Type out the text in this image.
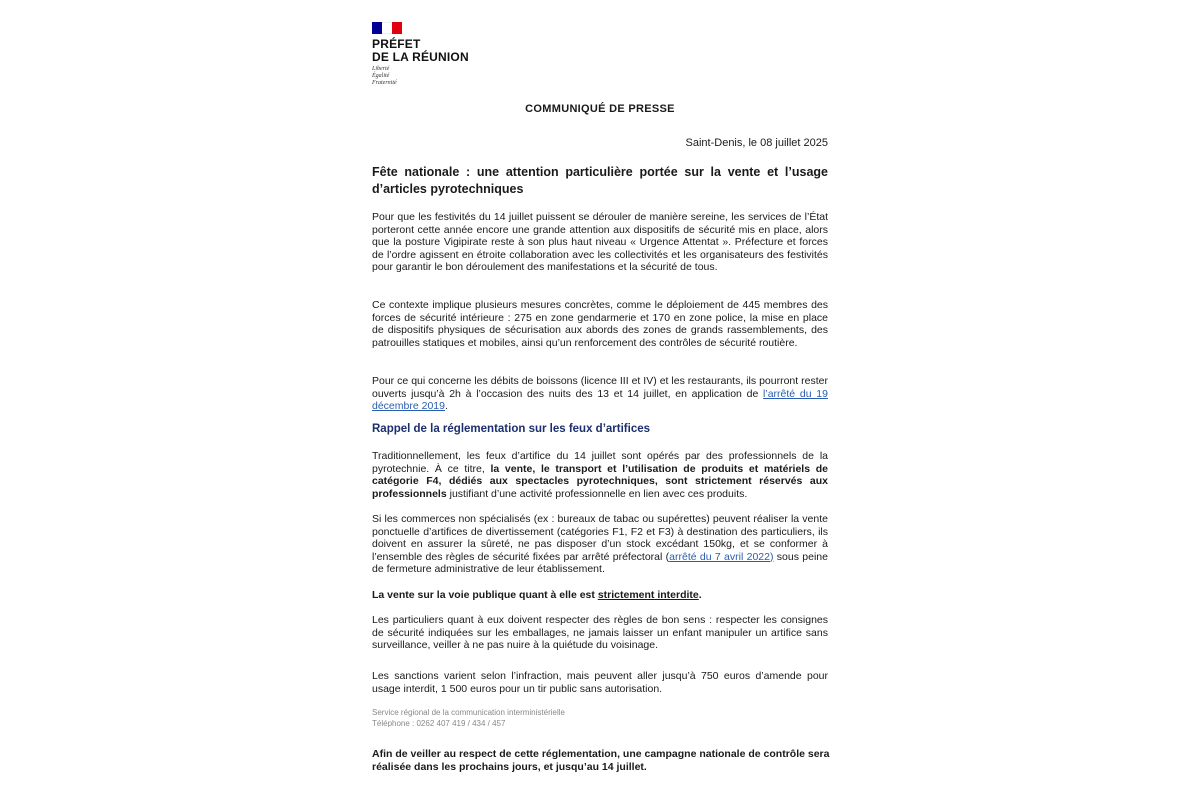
PRÉFET
DE LA RÉUNION
Liberté
Égalité
Fraternité
COMMUNIQUÉ DE PRESSE
Saint-Denis, le 08 juillet 2025
Fête nationale : une attention particulière portée sur la vente et l’usage d’articles pyrotechniques
Pour que les festivités du 14 juillet puissent se dérouler de manière sereine, les services de l’État porteront cette année encore une grande attention aux dispositifs de sécurité mis en place, alors que la posture Vigipirate reste à son plus haut niveau « Urgence Attentat ». Préfecture et forces de l’ordre agissent en étroite collaboration avec les collectivités et les organisateurs des festivités pour garantir le bon déroulement des manifestations et la sécurité de tous.
Ce contexte implique plusieurs mesures concrètes, comme le déploiement de 445 membres des forces de sécurité intérieure : 275 en zone gendarmerie et 170 en zone police, la mise en place de dispositifs physiques de sécurisation aux abords des zones de grands rassemblements, des patrouilles statiques et mobiles, ainsi qu’un renforcement des contrôles de sécurité routière.
Pour ce qui concerne les débits de boissons (licence III et IV) et les restaurants, ils pourront rester ouverts jusqu’à 2h à l’occasion des nuits des 13 et 14 juillet, en application de l’arrêté du 19 décembre 2019.
Rappel de la réglementation sur les feux d’artifices
Traditionnellement, les feux d’artifice du 14 juillet sont opérés par des professionnels de la pyrotechnie. À ce titre, la vente, le transport et l’utilisation de produits et matériels de catégorie F4, dédiés aux spectacles pyrotechniques, sont strictement réservés aux professionnels justifiant d’une activité professionnelle en lien avec ces produits.
Si les commerces non spécialisés (ex : bureaux de tabac ou supérettes) peuvent réaliser la vente ponctuelle d’artifices de divertissement (catégories F1, F2 et F3) à destination des particuliers, ils doivent en assurer la sûreté, ne pas disposer d’un stock excédant 150kg, et se conformer à l’ensemble des règles de sécurité fixées par arrêté préfectoral (arrêté du 7 avril 2022) sous peine de fermeture administrative de leur établissement.
La vente sur la voie publique quant à elle est strictement interdite.
Les particuliers quant à eux doivent respecter des règles de bon sens : respecter les consignes de sécurité indiquées sur les emballages, ne jamais laisser un enfant manipuler un artifice sans surveillance, veiller à ne pas nuire à la quiétude du voisinage.
Les sanctions varient selon l’infraction, mais peuvent aller jusqu’à 750 euros d’amende pour usage interdit, 1 500 euros pour un tir public sans autorisation.
Service régional de la communication interministérielle
Téléphone : 0262 407 419 / 434 / 457
Afin de veiller au respect de cette réglementation, une campagne nationale de contrôle sera réalisée dans les prochains jours, et jusqu’au 14 juillet.
